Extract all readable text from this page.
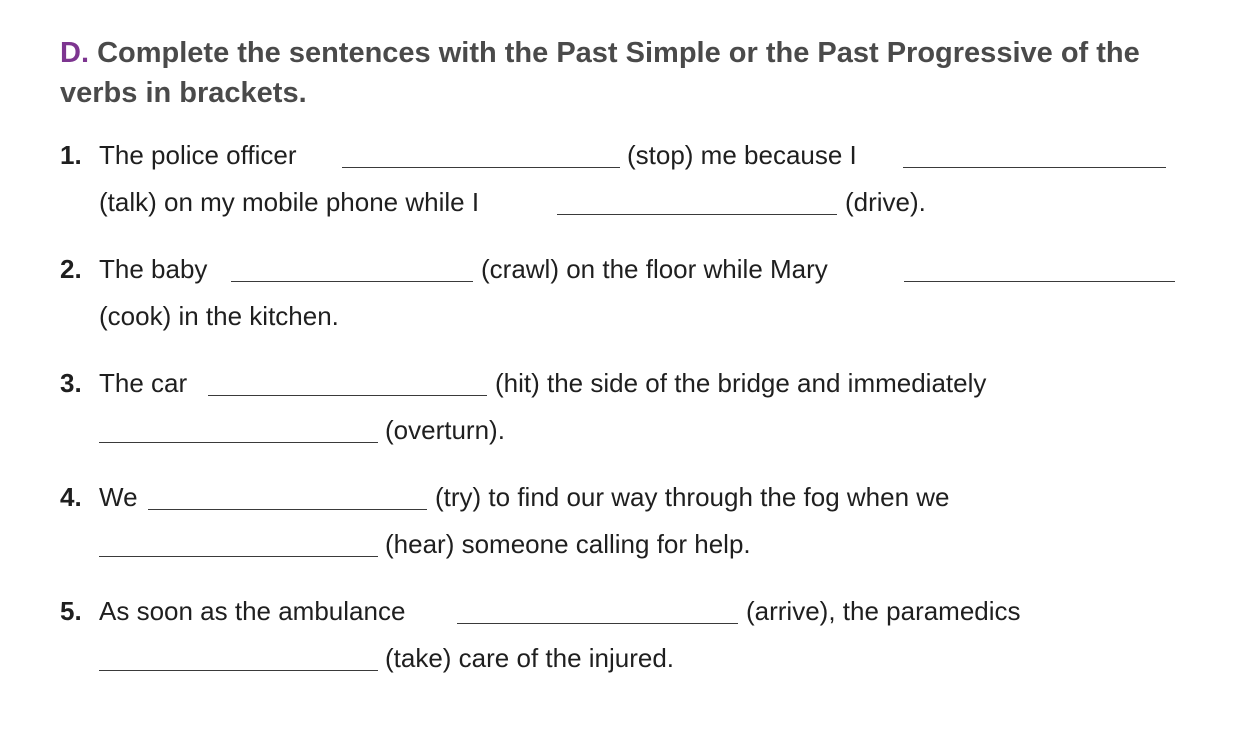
D. Complete the sentences with the Past Simple or the Past Progressive of the verbs in brackets.
1. The police officer	(stop) me because I
(talk) on my mobile phone while I	(drive).
2. The baby	(crawl) on the floor while Mary
(cook) in the kitchen.
3. The car	(hit) the side of the bridge and immediately
(overturn).
4. We	(try) to find our way through the fog when we
(hear) someone calling for help.
5. As soon as the ambulance	(arrive), the paramedics
(take) care of the injured.
